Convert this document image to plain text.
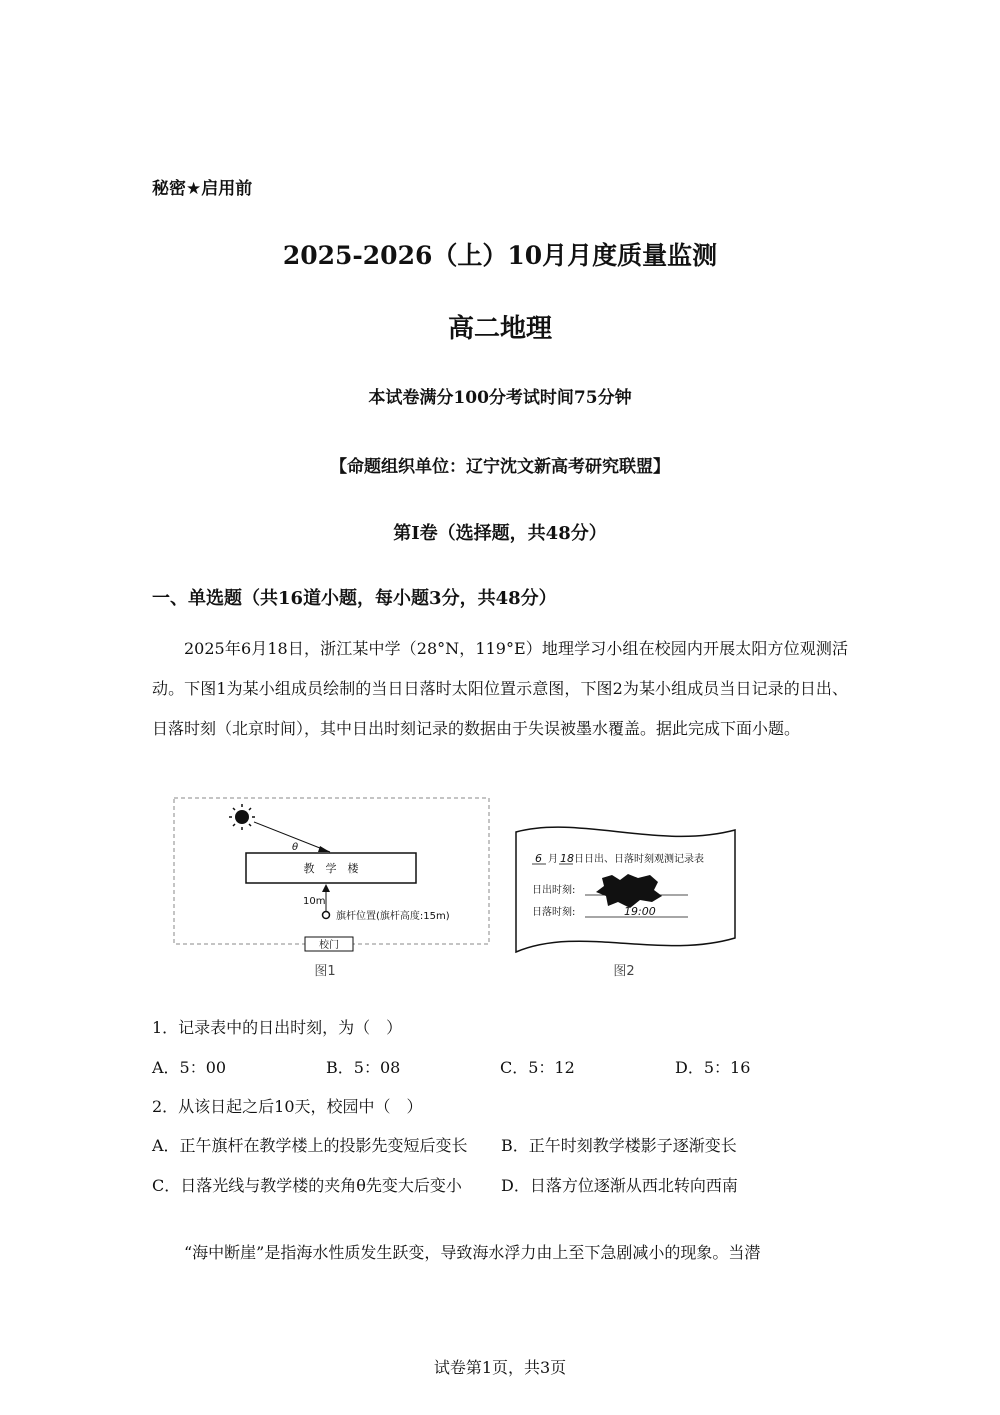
秘密★启用前
2025-2026（上）10月月度质量监测
高二地理
本试卷满分100分考试时间75分钟
【命题组织单位：辽宁沈文新高考研究联盟】
第I卷（选择题，共48分）
一、单选题（共16道小题，每小题3分，共48分）
2025年6月18日，浙江某中学（28°N，119°E）地理学习小组在校园内开展太阳方位观测活动。下图1为某小组成员绘制的当日日落时太阳位置示意图，下图2为某小组成员当日记录的日出、日落时刻（北京时间），其中日出时刻记录的数据由于失误被墨水覆盖。据此完成下面小题。
θ
教　学　楼
10m
旗杆位置(旗杆高度:15m)
校门
图1
6 月 18 日日出、日落时刻观测记录表
日出时刻:
日落时刻:	19:00
图2
1．记录表中的日出时刻，为（　）
A．5：00	B．5：08	C．5：12	D．5：16
2．从该日起之后10天，校园中（　）
A．正午旗杆在教学楼上的投影先变短后变长 B．正午时刻教学楼影子逐渐变长
C．日落光线与教学楼的夹角θ先变大后变小 D．日落方位逐渐从西北转向西南
“海中断崖”是指海水性质发生跃变，导致海水浮力由上至下急剧减小的现象。当潜
试卷第1页，共3页
